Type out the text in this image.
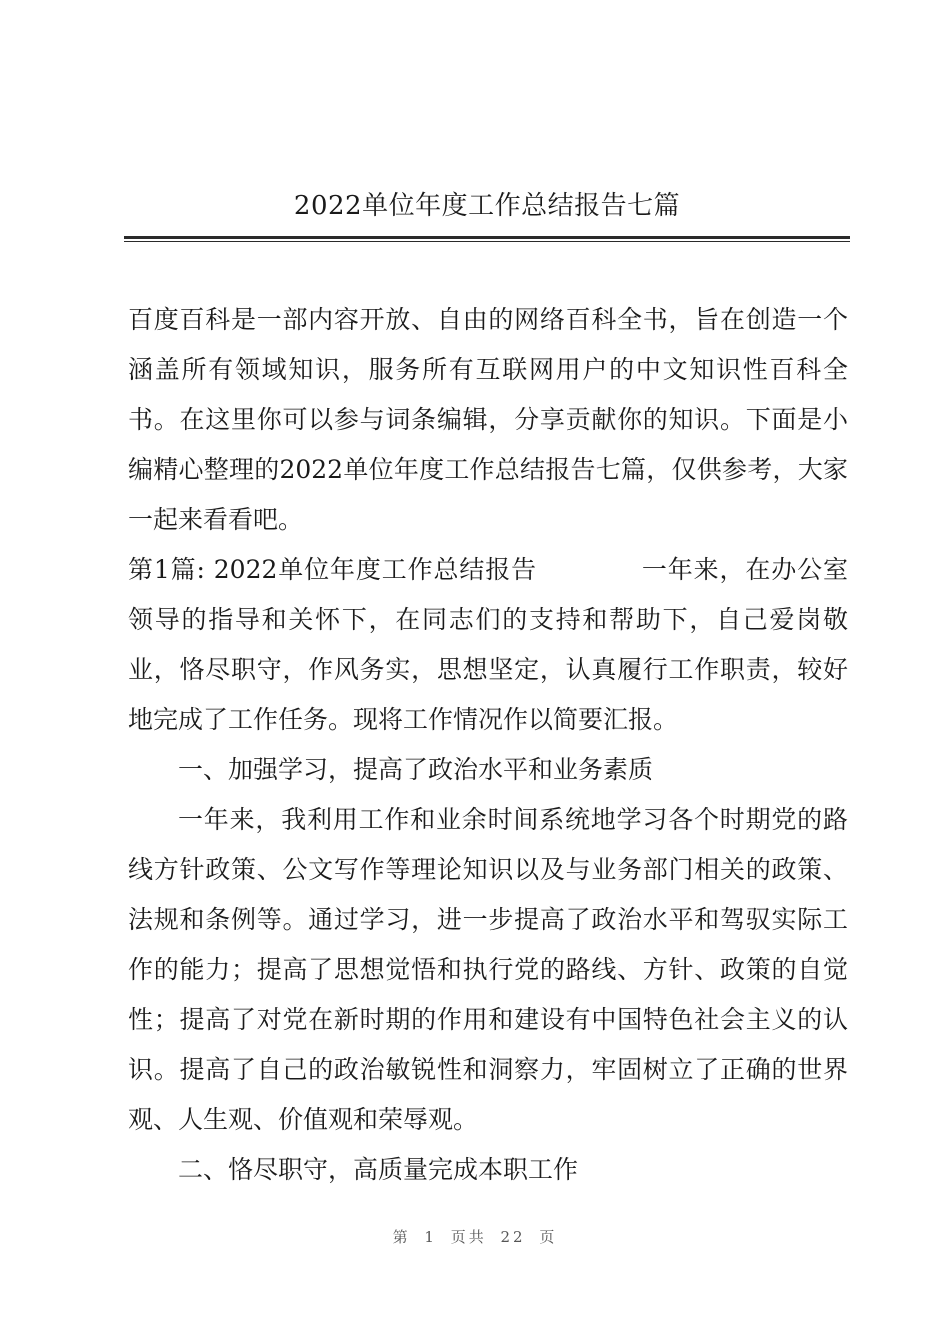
2022单位年度工作总结报告七篇

百度百科是一部内容开放、自由的网络百科全书，旨在创造一个涵盖所有领域知识，服务所有互联网用户的中文知识性百科全书。在这里你可以参与词条编辑，分享贡献你的知识。下面是小编精心整理的2022单位年度工作总结报告七篇，仅供参考，大家一起来看看吧。

第1篇: 2022单位年度工作总结报告	一年来，在办公室领导的指导和关怀下，在同志们的支持和帮助下，自己爱岗敬业，恪尽职守，作风务实，思想坚定，认真履行工作职责，较好地完成了工作任务。现将工作情况作以简要汇报。

一、加强学习，提高了政治水平和业务素质

一年来，我利用工作和业余时间系统地学习各个时期党的路线方针政策、公文写作等理论知识以及与业务部门相关的政策、法规和条例等。通过学习，进一步提高了政治水平和驾驭实际工作的能力；提高了思想觉悟和执行党的路线、方针、政策的自觉性；提高了对党在新时期的作用和建设有中国特色社会主义的认识。提高了自己的政治敏锐性和洞察力，牢固树立了正确的世界观、人生观、价值观和荣辱观。

二、恪尽职守，高质量完成本职工作

第 1 页共 22 页
